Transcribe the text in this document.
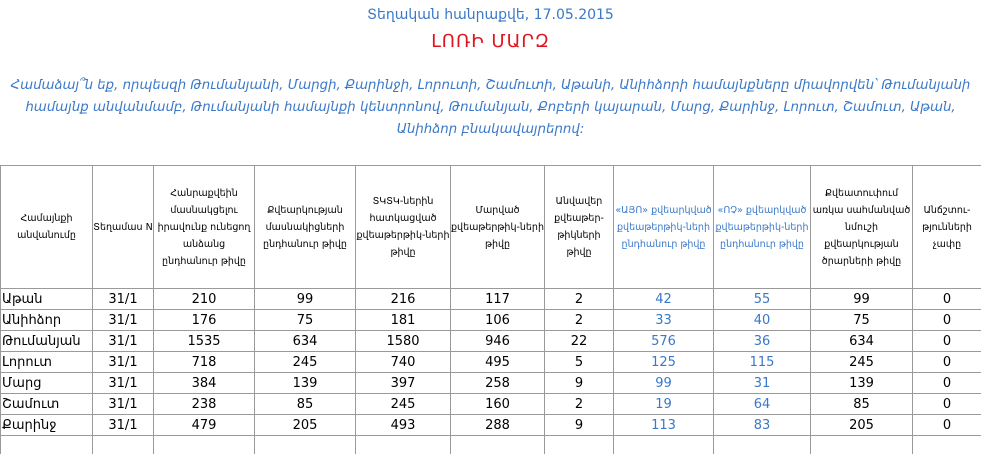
Տեղական հանրաքվե, 17.05.2015
ԼՈՌԻ ՄԱՐԶ
Համաձայ՞ն եք, որպեսզի Թումանյանի, Մարցի, Քարինջի, Լորուտի, Շամուտի, Աթանի, Անիհձորի համայնքները միավորվեն՝ Թումանյանի համայնք անվանմամբ, Թումանյանի համայնքի կենտրոնով, Թումանյան, Քոբերի կայարան, Մարց, Քարինջ, Լորուտ, Շամուտ, Աթան, Անիհձոր բնակավայրերով:
Համայնքի անվանումը	Տեղամաս N	Հանրաքվեին մասնակցելու իրավունք ունեցող անձանց ընդհանուր թիվը	Քվեարկության մասնակիցների ընդհանուր թիվը	ՏԿՏԿ-ներին հատկացված քվեաթերթիկ-ների թիվը	Մարված քվեաթերթիկ-ների թիվը	Անվավեր քվեաթեր-թիկների թիվը	«ԱՅՈ» քվեարկված քվեաթերթիկ-ների ընդհանուր թիվը	«ՈՉ» քվեարկված քվեաթերթիկ-ների ընդհանուր թիվը	Քվեատուփում առկա սահմանված նմուշի քվեարկության ծրարների թիվը	Անճշտու-թյունների չափը
Աթան	31/1	210	99	216	117	2	42	55	99	0
Անիհձոր	31/1	176	75	181	106	2	33	40	75	0
Թումանյան	31/1	1535	634	1580	946	22	576	36	634	0
Լորուտ	31/1	718	245	740	495	5	125	115	245	0
Մարց	31/1	384	139	397	258	9	99	31	139	0
Շամուտ	31/1	238	85	245	160	2	19	64	85	0
Քարինջ	31/1	479	205	493	288	9	113	83	205	0
